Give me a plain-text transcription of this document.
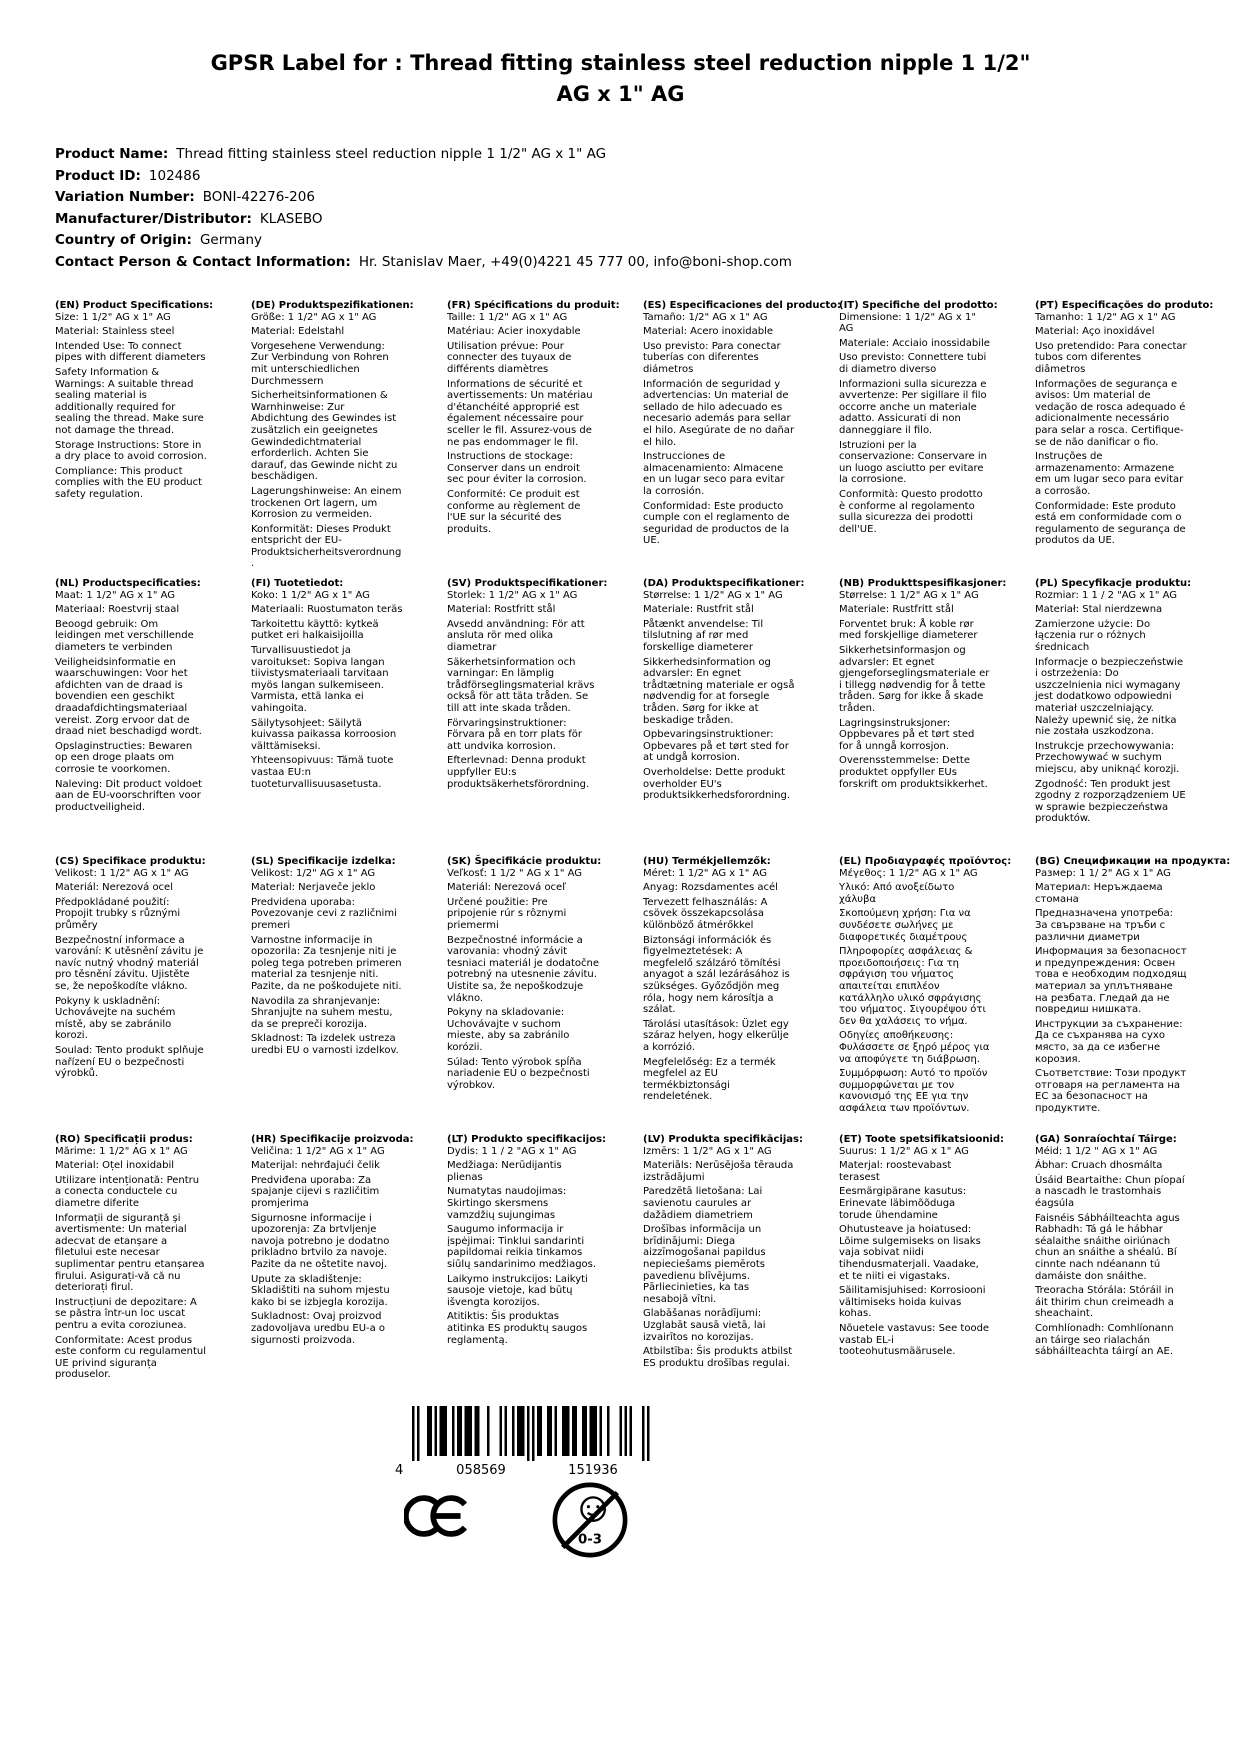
GPSR Label for : Thread fitting stainless steel reduction nipple 1 1/2" AG x 1" AG
Product Name: Thread fitting stainless steel reduction nipple 1 1/2" AG x 1" AG
Product ID: 102486
Variation Number: BONI-42276-206
Manufacturer/Distributor: KLASEBO
Country of Origin: Germany
Contact Person & Contact Information: Hr. Stanislav Maer, +49(0)4221 45 777 00, info@boni-shop.com
(EN) Product Specifications:
Size: 1 1/2" AG x 1" AG
Material: Stainless steel
Intended Use: To connect pipes with different diameters
Safety Information & Warnings: A suitable thread sealing material is additionally required for sealing the thread. Make sure not damage the thread.
Storage Instructions: Store in a dry place to avoid corrosion.
Compliance: This product complies with the EU product safety regulation.
(DE) Produktspezifikationen:
Größe: 1 1/2" AG x 1" AG
Material: Edelstahl
Vorgesehene Verwendung: Zur Verbindung von Rohren mit unterschiedlichen Durchmessern
Sicherheitsinformationen & Warnhinweise: Zur Abdichtung des Gewindes ist zusätzlich ein geeignetes Gewindedichtmaterial erforderlich. Achten Sie darauf, das Gewinde nicht zu beschädigen.
Lagerungshinweise: An einem trockenen Ort lagern, um Korrosion zu vermeiden.
Konformität: Dieses Produkt entspricht der EU-Produktsicherheitsverordnung.
(FR) Spécifications du produit:
Taille: 1 1/2" AG x 1" AG
Matériau: Acier inoxydable
Utilisation prévue: Pour connecter des tuyaux de différents diamètres
Informations de sécurité et avertissements: Un matériau d'étanchéité approprié est également nécessaire pour sceller le fil. Assurez-vous de ne pas endommager le fil.
Instructions de stockage: Conserver dans un endroit sec pour éviter la corrosion.
Conformité: Ce produit est conforme au règlement de l'UE sur la sécurité des produits.
(ES) Especificaciones del producto:
Tamaño: 1/2" AG x 1" AG
Material: Acero inoxidable
Uso previsto: Para conectar tuberías con diferentes diámetros
Información de seguridad y advertencias: Un material de sellado de hilo adecuado es necesario además para sellar el hilo. Asegúrate de no dañar el hilo.
Instrucciones de almacenamiento: Almacene en un lugar seco para evitar la corrosión.
Conformidad: Este producto cumple con el reglamento de seguridad de productos de la UE.
(IT) Specifiche del prodotto:
Dimensione: 1 1/2" AG x 1" AG
Materiale: Acciaio inossidabile
Uso previsto: Connettere tubi di diametro diverso
Informazioni sulla sicurezza e avvertenze: Per sigillare il filo occorre anche un materiale adatto. Assicurati di non danneggiare il filo.
Istruzioni per la conservazione: Conservare in un luogo asciutto per evitare la corrosione.
Conformità: Questo prodotto è conforme al regolamento sulla sicurezza dei prodotti dell'UE.
(PT) Especificações do produto:
Tamanho: 1 1/2" AG x 1" AG
Material: Aço inoxidável
Uso pretendido: Para conectar tubos com diferentes diâmetros
Informações de segurança e avisos: Um material de vedação de rosca adequado é adicionalmente necessário para selar a rosca. Certifique-se de não danificar o fio.
Instruções de armazenamento: Armazene em um lugar seco para evitar a corrosão.
Conformidade: Este produto está em conformidade com o regulamento de segurança de produtos da UE.
(NL) Productspecificaties:
Maat: 1 1/2" AG x 1" AG
Materiaal: Roestvrij staal
Beoogd gebruik: Om leidingen met verschillende diameters te verbinden
Veiligheidsinformatie en waarschuwingen: Voor het afdichten van de draad is bovendien een geschikt draadafdichtingsmateriaal vereist. Zorg ervoor dat de draad niet beschadigd wordt.
Opslaginstructies: Bewaren op een droge plaats om corrosie te voorkomen.
Naleving: Dit product voldoet aan de EU-voorschriften voor productveiligheid.
(FI) Tuotetiedot:
Koko: 1 1/2" AG x 1" AG
Materiaali: Ruostumaton teräs
Tarkoitettu käyttö: kytkeä putket eri halkaisijoilla
Turvallisuustiedot ja varoitukset: Sopiva langan tiivistysmateriaali tarvitaan myös langan sulkemiseen. Varmista, että lanka ei vahingoita.
Säilytysohjeet: Säilytä kuivassa paikassa korroosion välttämiseksi.
Yhteensopivuus: Tämä tuote vastaa EU:n tuoteturvallisuusasetusta.
(SV) Produktspecifikationer:
Storlek: 1 1/2" AG x 1" AG
Material: Rostfritt stål
Avsedd användning: För att ansluta rör med olika diametrar
Säkerhetsinformation och varningar: En lämplig trådförseglingsmaterial krävs också för att täta tråden. Se till att inte skada tråden.
Förvaringsinstruktioner: Förvara på en torr plats för att undvika korrosion.
Efterlevnad: Denna produkt uppfyller EU:s produktsäkerhetsförordning.
(DA) Produktspecifikationer:
Størrelse: 1 1/2" AG x 1" AG
Materiale: Rustfrit stål
Påtænkt anvendelse: Til tilslutning af rør med forskellige diameterer
Sikkerhedsinformation og advarsler: En egnet trådtætning materiale er også nødvendig for at forsegle tråden. Sørg for ikke at beskadige tråden.
Opbevaringsinstruktioner: Opbevares på et tørt sted for at undgå korrosion.
Overholdelse: Dette produkt overholder EU's produktsikkerhedsforordning.
(NB) Produkttspesifikasjoner:
Størrelse: 1 1/2" AG x 1" AG
Materiale: Rustfritt stål
Forventet bruk: Å koble rør med forskjellige diameterer
Sikkerhetsinformasjon og advarsler: Et egnet gjengeforseglingsmateriale er i tillegg nødvendig for å tette tråden. Sørg for ikke å skade tråden.
Lagringsinstruksjoner: Oppbevares på et tørt sted for å unngå korrosjon.
Overensstemmelse: Dette produktet oppfyller EUs forskrift om produktsikkerhet.
(PL) Specyfikacje produktu:
Rozmiar: 1 1 / 2 "AG x 1" AG
Materiał: Stal nierdzewna
Zamierzone użycie: Do łączenia rur o różnych średnicach
Informacje o bezpieczeństwie i ostrzeżenia: Do uszczelnienia nici wymagany jest dodatkowo odpowiedni materiał uszczelniający. Należy upewnić się, że nitka nie została uszkodzona.
Instrukcje przechowywania: Przechowywać w suchym miejscu, aby uniknąć korozji.
Zgodność: Ten produkt jest zgodny z rozporządzeniem UE w sprawie bezpieczeństwa produktów.
(CS) Specifikace produktu:
Velikost: 1 1/2" AG x 1" AG
Materiál: Nerezová ocel
Předpokládané použití: Propojit trubky s různými průměry
Bezpečnostní informace a varování: K utěsnění závitu je navíc nutný vhodný materiál pro těsnění závitu. Ujistěte se, že nepoškodíte vlákno.
Pokyny k uskladnění: Uchovávejte na suchém místě, aby se zabránilo korozi.
Soulad: Tento produkt splňuje nařízení EU o bezpečnosti výrobků.
(SL) Specifikacije izdelka:
Velikost: 1/2" AG x 1" AG
Material: Nerjaveče jeklo
Predvidena uporaba: Povezovanje cevi z različnimi premeri
Varnostne informacije in opozorila: Za tesnjenje niti je poleg tega potreben primeren material za tesnjenje niti. Pazite, da ne poškodujete niti.
Navodila za shranjevanje: Shranjujte na suhem mestu, da se prepreči korozija.
Skladnost: Ta izdelek ustreza uredbi EU o varnosti izdelkov.
(SK) Špecifikácie produktu:
Veľkosť: 1 1/2 " AG x 1" AG
Materiál: Nerezová oceľ
Určené použitie: Pre pripojenie rúr s rôznymi priemermi
Bezpečnostné informácie a varovania: vhodný závit tesniaci materiál je dodatočne potrebný na utesnenie závitu. Uistite sa, že nepoškodzuje vlákno.
Pokyny na skladovanie: Uchovávajte v suchom mieste, aby sa zabránilo korózii.
Súlad: Tento výrobok spĺňa nariadenie EÚ o bezpečnosti výrobkov.
(HU) Termékjellemzők:
Méret: 1 1/2" AG x 1" AG
Anyag: Rozsdamentes acél
Tervezett felhasználás: A csövek összekapcsolása különböző átmérőkkel
Biztonsági információk és figyelmeztetések: A megfelelő szálzáró tömítési anyagot a szál lezárásához is szükséges. Győződjön meg róla, hogy nem károsítja a szálat.
Tárolási utasítások: Üzlet egy száraz helyen, hogy elkerülje a korrózió.
Megfelelőség: Ez a termék megfelel az EU termékbiztonsági rendeletének.
(EL) Προδιαγραφές προϊόντος:
Μέγεθος: 1 1/2" AG x 1" AG
Υλικό: Από ανοξείδωτο χάλυβα
Σκοπούμενη χρήση: Για να συνδέσετε σωλήνες με διαφορετικές διαμέτρους
Πληροφορίες ασφάλειας & προειδοποιήσεις: Για τη σφράγιση του νήματος απαιτείται επιπλέον κατάλληλο υλικό σφράγισης του νήματος. Σιγουρέψου ότι δεν θα χαλάσεις το νήμα.
Οδηγίες αποθήκευσης: Φυλάσσετε σε ξηρό μέρος για να αποφύγετε τη διάβρωση.
Συμμόρφωση: Αυτό το προϊόν συμμορφώνεται με τον κανονισμό της ΕΕ για την ασφάλεια των προϊόντων.
(BG) Спецификации на продукта:
Размер: 1 1/ 2" AG x 1" AG
Материал: Неръждаема стомана
Предназначена употреба: За свързване на тръби с различни диаметри
Информация за безопасност и предупреждения: Освен това е необходим подходящ материал за уплътняване на резбата. Гледай да не повредиш нишката.
Инструкции за съхранение: Да се съхранява на сухо място, за да се избегне корозия.
Съответствие: Този продукт отговаря на регламента на ЕС за безопасност на продуктите.
(RO) Specificații produs:
Mărime: 1 1/2" AG x 1" AG
Material: Oțel inoxidabil
Utilizare intenționată: Pentru a conecta conductele cu diametre diferite
Informații de siguranță și avertismente: Un material adecvat de etanșare a filetului este necesar suplimentar pentru etanșarea firului. Asigurați-vă că nu deteriorați firul.
Instrucțiuni de depozitare: A se păstra într-un loc uscat pentru a evita coroziunea.
Conformitate: Acest produs este conform cu regulamentul UE privind siguranța produselor.
(HR) Specifikacije proizvoda:
Veličina: 1 1/2" AG x 1" AG
Materijal: nehrđajući čelik
Predviđena uporaba: Za spajanje cijevi s različitim promjerima
Sigurnosne informacije i upozorenja: Za brtvljenje navoja potrebno je dodatno prikladno brtvilo za navoje. Pazite da ne oštetite navoj.
Upute za skladištenje: Skladištiti na suhom mjestu kako bi se izbjegla korozija.
Sukladnost: Ovaj proizvod zadovoljava uredbu EU-a o sigurnosti proizvoda.
(LT) Produkto specifikacijos:
Dydis: 1 1 / 2 "AG x 1" AG
Medžiaga: Nerūdijantis plienas
Numatytas naudojimas: Skirtingo skersmens vamzdžių sujungimas
Saugumo informacija ir įspėjimai: Tinklui sandarinti papildomai reikia tinkamos siūlų sandarinimo medžiagos.
Laikymo instrukcijos: Laikyti sausoje vietoje, kad būtų išvengta korozijos.
Atitiktis: Šis produktas atitinka ES produktų saugos reglamentą.
(LV) Produkta specifikācijas:
Izmērs: 1 1/2" AG x 1" AG
Materiāls: Nerūsējoša tērauda izstrādājumi
Paredzētā lietošana: Lai savienotu caurules ar dažādiem diametriem
Drošības informācija un brīdinājumi: Diega aizzīmogošanai papildus nepieciešams piemērots pavedienu blīvējums. Pārliecinieties, ka tas nesabojā vītni.
Glabāšanas norādījumi: Uzglabāt sausā vietā, lai izvairītos no korozijas.
Atbilstība: Šis produkts atbilst ES produktu drošības regulai.
(ET) Toote spetsifikatsioonid:
Suurus: 1 1/2" AG x 1" AG
Materjal: roostevabast terasest
Eesmärgipärane kasutus: Erinevate läbimõõduga torude ühendamine
Ohutusteave ja hoiatused: Lõime sulgemiseks on lisaks vaja sobivat niidi tihendusmaterjali. Vaadake, et te niiti ei vigastaks.
Säilitamisjuhised: Korrosiooni vältimiseks hoida kuivas kohas.
Nõuetele vastavus: See toode vastab EL-i tooteohutusmäärusele.
(GA) Sonraíochtaí Táirge:
Méid: 1 1/2 " AG x 1" AG
Ábhar: Cruach dhosmálta
Úsáid Beartaithe: Chun píopaí a nascadh le trastomhais éagsúla
Faisnéis Sábháilteachta agus Rabhadh: Tá gá le hábhar séalaithe snáithe oiriúnach chun an snáithe a shéalú. Bí cinnte nach ndéanann tú damáiste don snáithe.
Treoracha Stórála: Stóráil in áit thirim chun creimeadh a sheachaint.
Comhlíonadh: Comhlíonann an táirge seo rialachán sábháilteachta táirgí an AE.
4	058569	151936
0-3
